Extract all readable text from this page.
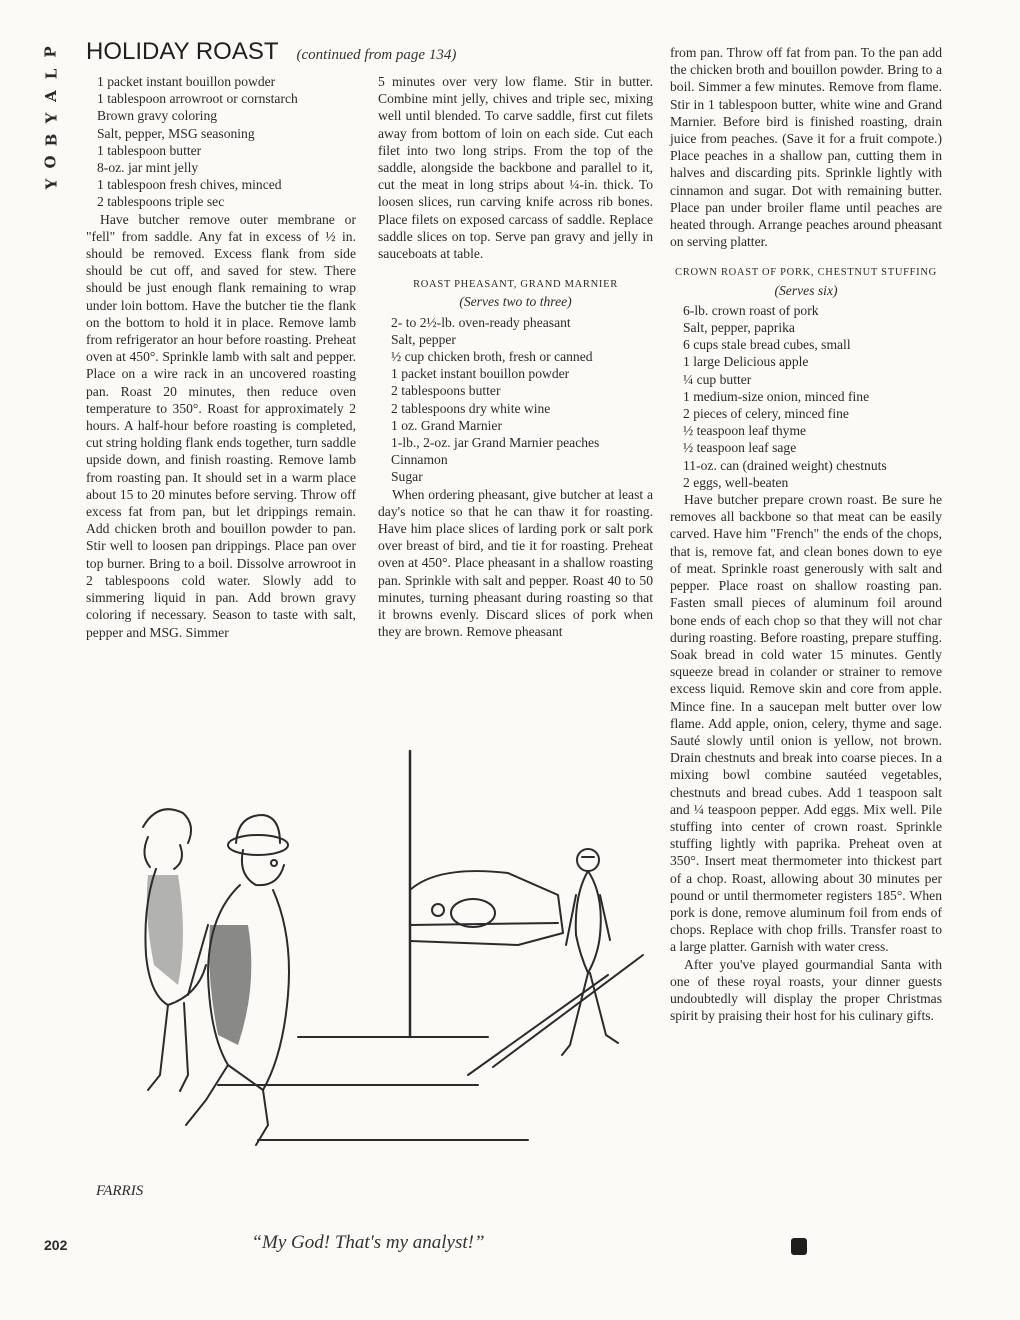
P
L
A
Y
B
O
Y
HOLIDAY ROAST (continued from page 134)
1 packet instant bouillon powder
1 tablespoon arrowroot or cornstarch
Brown gravy coloring
Salt, pepper, MSG seasoning
1 tablespoon butter
8-oz. jar mint jelly
1 tablespoon fresh chives, minced
2 tablespoons triple sec

Have butcher remove outer membrane or "fell" from saddle. Any fat in excess of ½ in. should be removed. Excess flank from side should be cut off, and saved for stew. There should be just enough flank remaining to wrap under loin bottom. Have the butcher tie the flank on the bottom to hold it in place. Remove lamb from refrigerator an hour before roasting. Preheat oven at 450°. Sprinkle lamb with salt and pepper. Place on a wire rack in an uncovered roasting pan. Roast 20 minutes, then reduce oven temperature to 350°. Roast for approximately 2 hours. A half-hour before roasting is completed, cut string holding flank ends together, turn saddle upside down, and finish roasting. Remove lamb from roasting pan. It should set in a warm place about 15 to 20 minutes before serving. Throw off excess fat from pan, but let drippings remain. Add chicken broth and bouillon powder to pan. Stir well to loosen pan drippings. Place pan over top burner. Bring to a boil. Dissolve arrowroot in 2 tablespoons cold water. Slowly add to simmering liquid in pan. Add brown gravy coloring if necessary. Season to taste with salt, pepper and MSG. Simmer

5 minutes over very low flame. Stir in butter. Combine mint jelly, chives and triple sec, mixing well until blended. To carve saddle, first cut filets away from bottom of loin on each side. Cut each filet into two long strips. From the top of the saddle, alongside the backbone and parallel to it, cut the meat in long strips about ¼-in. thick. To loosen slices, run carving knife across rib bones. Place filets on exposed carcass of saddle. Replace saddle slices on top. Serve pan gravy and jelly in sauceboats at table.

ROAST PHEASANT, GRAND MARNIER
(Serves two to three)
2- to 2½-lb. oven-ready pheasant
Salt, pepper
½ cup chicken broth, fresh or canned
1 packet instant bouillon powder
2 tablespoons butter
2 tablespoons dry white wine
1 oz. Grand Marnier
1-lb., 2-oz. jar Grand Marnier peaches
Cinnamon
Sugar

When ordering pheasant, give butcher at least a day's notice so that he can thaw it for roasting. Have him place slices of larding pork or salt pork over breast of bird, and tie it for roasting. Preheat oven at 450°. Place pheasant in a shallow roasting pan. Sprinkle with salt and pepper. Roast 40 to 50 minutes, turning pheasant during roasting so that it browns evenly. Discard slices of pork when they are brown. Remove pheasant

from pan. Throw off fat from pan. To the pan add the chicken broth and bouillon powder. Bring to a boil. Simmer a few minutes. Remove from flame. Stir in 1 tablespoon butter, white wine and Grand Marnier. Before bird is finished roasting, drain juice from peaches. (Save it for a fruit compote.) Place peaches in a shallow pan, cutting them in halves and discarding pits. Sprinkle lightly with cinnamon and sugar. Dot with remaining butter. Place pan under broiler flame until peaches are heated through. Arrange peaches around pheasant on serving platter.

CROWN ROAST OF PORK, CHESTNUT STUFFING
(Serves six)
6-lb. crown roast of pork
Salt, pepper, paprika
6 cups stale bread cubes, small
1 large Delicious apple
¼ cup butter
1 medium-size onion, minced fine
2 pieces of celery, minced fine
½ teaspoon leaf thyme
½ teaspoon leaf sage
11-oz. can (drained weight) chestnuts
2 eggs, well-beaten

Have butcher prepare crown roast. Be sure he removes all backbone so that meat can be easily carved. Have him "French" the ends of the chops, that is, remove fat, and clean bones down to eye of meat. Sprinkle roast generously with salt and pepper. Place roast on shallow roasting pan. Fasten small pieces of aluminum foil around bone ends of each chop so that they will not char during roasting. Before roasting, prepare stuffing. Soak bread in cold water 15 minutes. Gently squeeze bread in colander or strainer to remove excess liquid. Remove skin and core from apple. Mince fine. In a saucepan melt butter over low flame. Add apple, onion, celery, thyme and sage. Sauté slowly until onion is yellow, not brown. Drain chestnuts and break into coarse pieces. In a mixing bowl combine sautéed vegetables, chestnuts and bread cubes. Add 1 teaspoon salt and ¼ teaspoon pepper. Add eggs. Mix well. Pile stuffing into center of crown roast. Sprinkle stuffing lightly with paprika. Preheat oven at 350°. Insert meat thermometer into thickest part of a chop. Roast, allowing about 30 minutes per pound or until thermometer registers 185°. When pork is done, remove aluminum foil from ends of chops. Replace with chop frills. Transfer roast to a large platter. Garnish with water cress.

After you've played gourmandial Santa with one of these royal roasts, your dinner guests undoubtedly will display the proper Christmas spirit by praising their host for his culinary gifts.

FARRIS
“My God! That's my analyst!”
202
